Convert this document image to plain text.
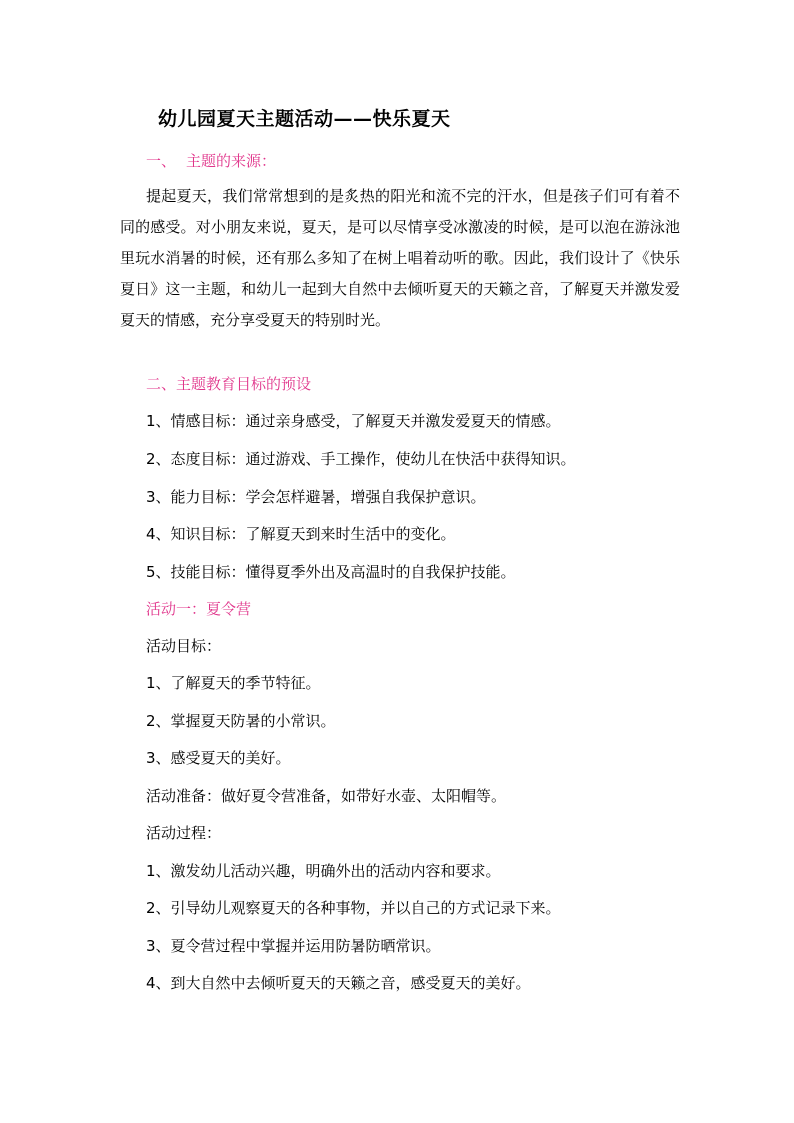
幼儿园夏天主题活动——快乐夏天
一、 主题的来源：
提起夏天，我们常常想到的是炙热的阳光和流不完的汗水，但是孩子们可有着不同的感受。对小朋友来说，夏天，是可以尽情享受冰激凌的时候，是可以泡在游泳池里玩水消暑的时候，还有那么多知了在树上唱着动听的歌。因此，我们设计了《快乐夏日》这一主题，和幼儿一起到大自然中去倾听夏天的天籁之音，了解夏天并激发爱夏天的情感，充分享受夏天的特别时光。
二、主题教育目标的预设
1、情感目标：通过亲身感受，了解夏天并激发爱夏天的情感。
2、态度目标：通过游戏、手工操作，使幼儿在快活中获得知识。
3、能力目标：学会怎样避暑，增强自我保护意识。
4、知识目标：了解夏天到来时生活中的变化。
5、技能目标：懂得夏季外出及高温时的自我保护技能。
活动一：夏令营
活动目标：
1、了解夏天的季节特征。
2、掌握夏天防暑的小常识。
3、感受夏天的美好。
活动准备：做好夏令营准备，如带好水壶、太阳帽等。
活动过程：
1、激发幼儿活动兴趣，明确外出的活动内容和要求。
2、引导幼儿观察夏天的各种事物，并以自己的方式记录下来。
3、夏令营过程中掌握并运用防暑防晒常识。
4、到大自然中去倾听夏天的天籁之音，感受夏天的美好。
